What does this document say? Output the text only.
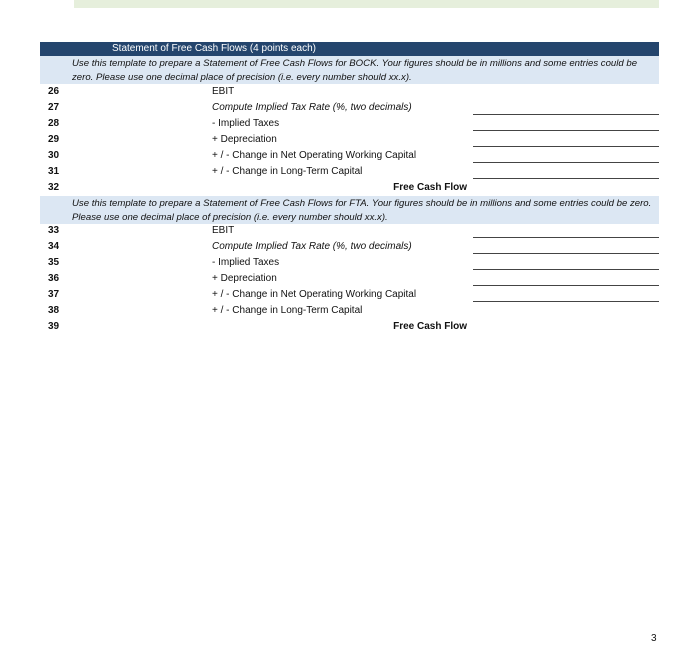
Statement of Free Cash Flows (4 points each)
Use this template to prepare a Statement of Free Cash Flows for BOCK. Your figures should be in millions and some entries could be zero. Please use one decimal place of precision (i.e. every number should xx.x).
26	EBIT
27	Compute Implied Tax Rate (%, two decimals)
28	- Implied Taxes
29	+ Depreciation
30	+ / - Change in Net Operating Working Capital
31	+ / - Change in Long-Term Capital
32	Free Cash Flow
Use this template to prepare a Statement of Free Cash Flows for FTA. Your figures should be in millions and some entries could be zero. Please use one decimal place of precision (i.e. every number should xx.x).
33	EBIT
34	Compute Implied Tax Rate (%, two decimals)
35	- Implied Taxes
36	+ Depreciation
37	+ / - Change in Net Operating Working Capital
38	+ / - Change in Long-Term Capital
39	Free Cash Flow
3
